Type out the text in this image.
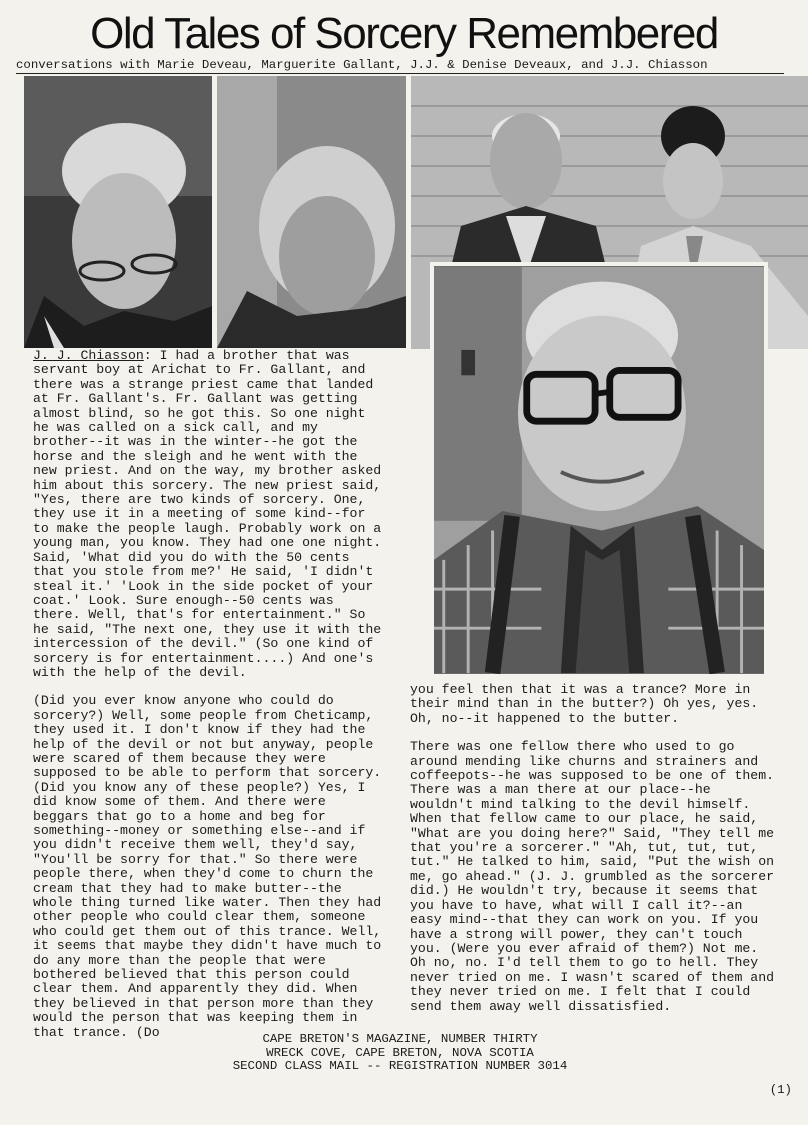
Old Tales of Sorcery Remembered
conversations with Marie Deveau, Marguerite Gallant, J.J. & Denise Deveaux, and J.J. Chiasson

J. J. Chiasson: I had a brother that was servant boy at Arichat to Fr. Gallant, and there was a strange priest came that landed at Fr. Gallant's. Fr. Gallant was getting almost blind, so he got this. So one night he was called on a sick call, and my brother--it was in the winter--he got the horse and the sleigh and he went with the new priest. And on the way, my brother asked him about this sorcery. The new priest said, "Yes, there are two kinds of sorcery. One, they use it in a meeting of some kind--for to make the people laugh. Probably work on a young man, you know. They had one one night. Said, 'What did you do with the 50 cents that you stole from me?' He said, 'I didn't steal it.' 'Look in the side pocket of your coat.' Look. Sure enough--50 cents was there. Well, that's for entertainment." So he said, "The next one, they use it with the intercession of the devil." (So one kind of sorcery is for entertainment....) And one's with the help of the devil.

(Did you ever know anyone who could do sorcery?) Well, some people from Cheticamp, they used it. I don't know if they had the help of the devil or not but anyway, people were scared of them because they were supposed to be able to perform that sorcery. (Did you know any of these people?) Yes, I did know some of them. And there were beggars that go to a home and beg for something--money or something else--and if you didn't receive them well, they'd say, "You'll be sorry for that." So there were people there, when they'd come to churn the cream that they had to make butter--the whole thing turned like water. Then they had other people who could clear them, someone who could get them out of this trance. Well, it seems that maybe they didn't have much to do any more than the people that were bothered believed that this person could clear them. And apparently they did. When they believed in that person more than they would the person that was keeping them in that trance. (Do

you feel then that it was a trance? More in their mind than in the butter?) Oh yes, yes. Oh, no--it happened to the butter.

There was one fellow there who used to go around mending like churns and strainers and coffeepots--he was supposed to be one of them. There was a man there at our place--he wouldn't mind talking to the devil himself. When that fellow came to our place, he said, "What are you doing here?" Said, "They tell me that you're a sorcerer." "Ah, tut, tut, tut, tut." He talked to him, said, "Put the wish on me, go ahead." (J. J. grumbled as the sorcerer did.) He wouldn't try, because it seems that you have to have, what will I call it?--an easy mind--that they can work on you. If you have a strong will power, they can't touch you. (Were you ever afraid of them?) Not me. Oh no, no. I'd tell them to go to hell. They never tried on me. I wasn't scared of them and they never tried on me. I felt that I could send them away well dissatisfied.

CAPE BRETON'S MAGAZINE, NUMBER THIRTY
WRECK COVE, CAPE BRETON, NOVA SCOTIA
SECOND CLASS MAIL -- REGISTRATION NUMBER 3014
(1)
